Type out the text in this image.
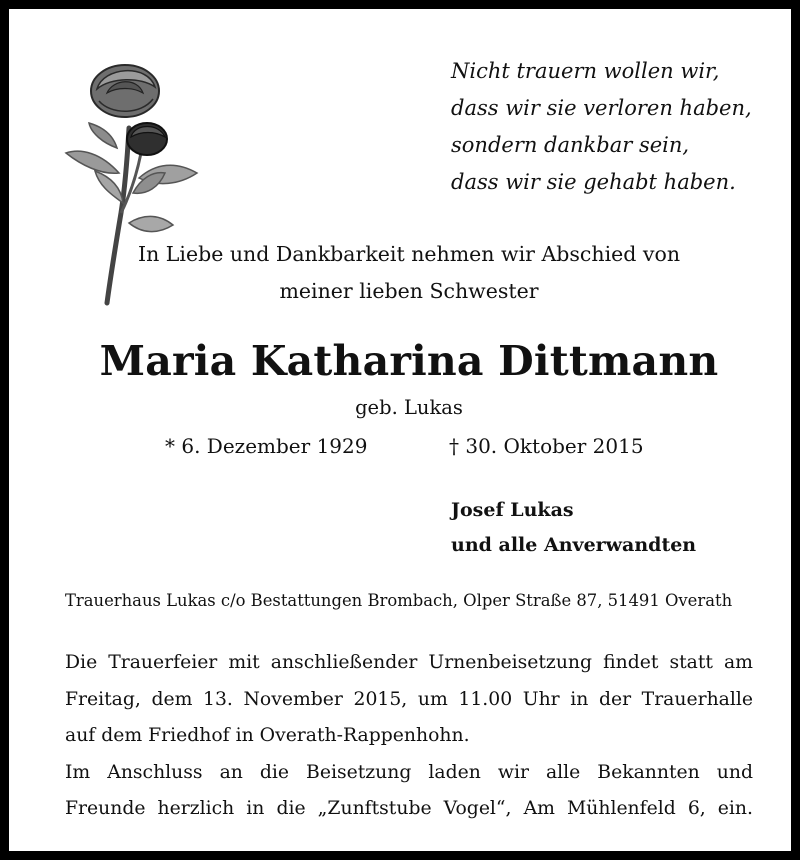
Nicht trauern wollen wir,
dass wir sie verloren haben,
sondern dankbar sein,
dass wir sie gehabt haben.
In Liebe und Dankbarkeit nehmen wir Abschied von
meiner lieben Schwester
Maria Katharina Dittmann
geb. Lukas
* 6. Dezember 1929	† 30. Oktober 2015
Josef Lukas
und alle Anverwandten
Trauerhaus Lukas c/o Bestattungen Brombach, Olper Straße 87, 51491 Overath
Die Trauerfeier mit anschließender Urnenbeisetzung findet statt am
Freitag, dem 13. November 2015, um 11.00 Uhr in der Trauerhalle
auf dem Friedhof in Overath-Rappenhohn.
Im Anschluss an die Beisetzung laden wir alle Bekannten und
Freunde herzlich in die „Zunftstube Vogel“, Am Mühlenfeld 6, ein.
